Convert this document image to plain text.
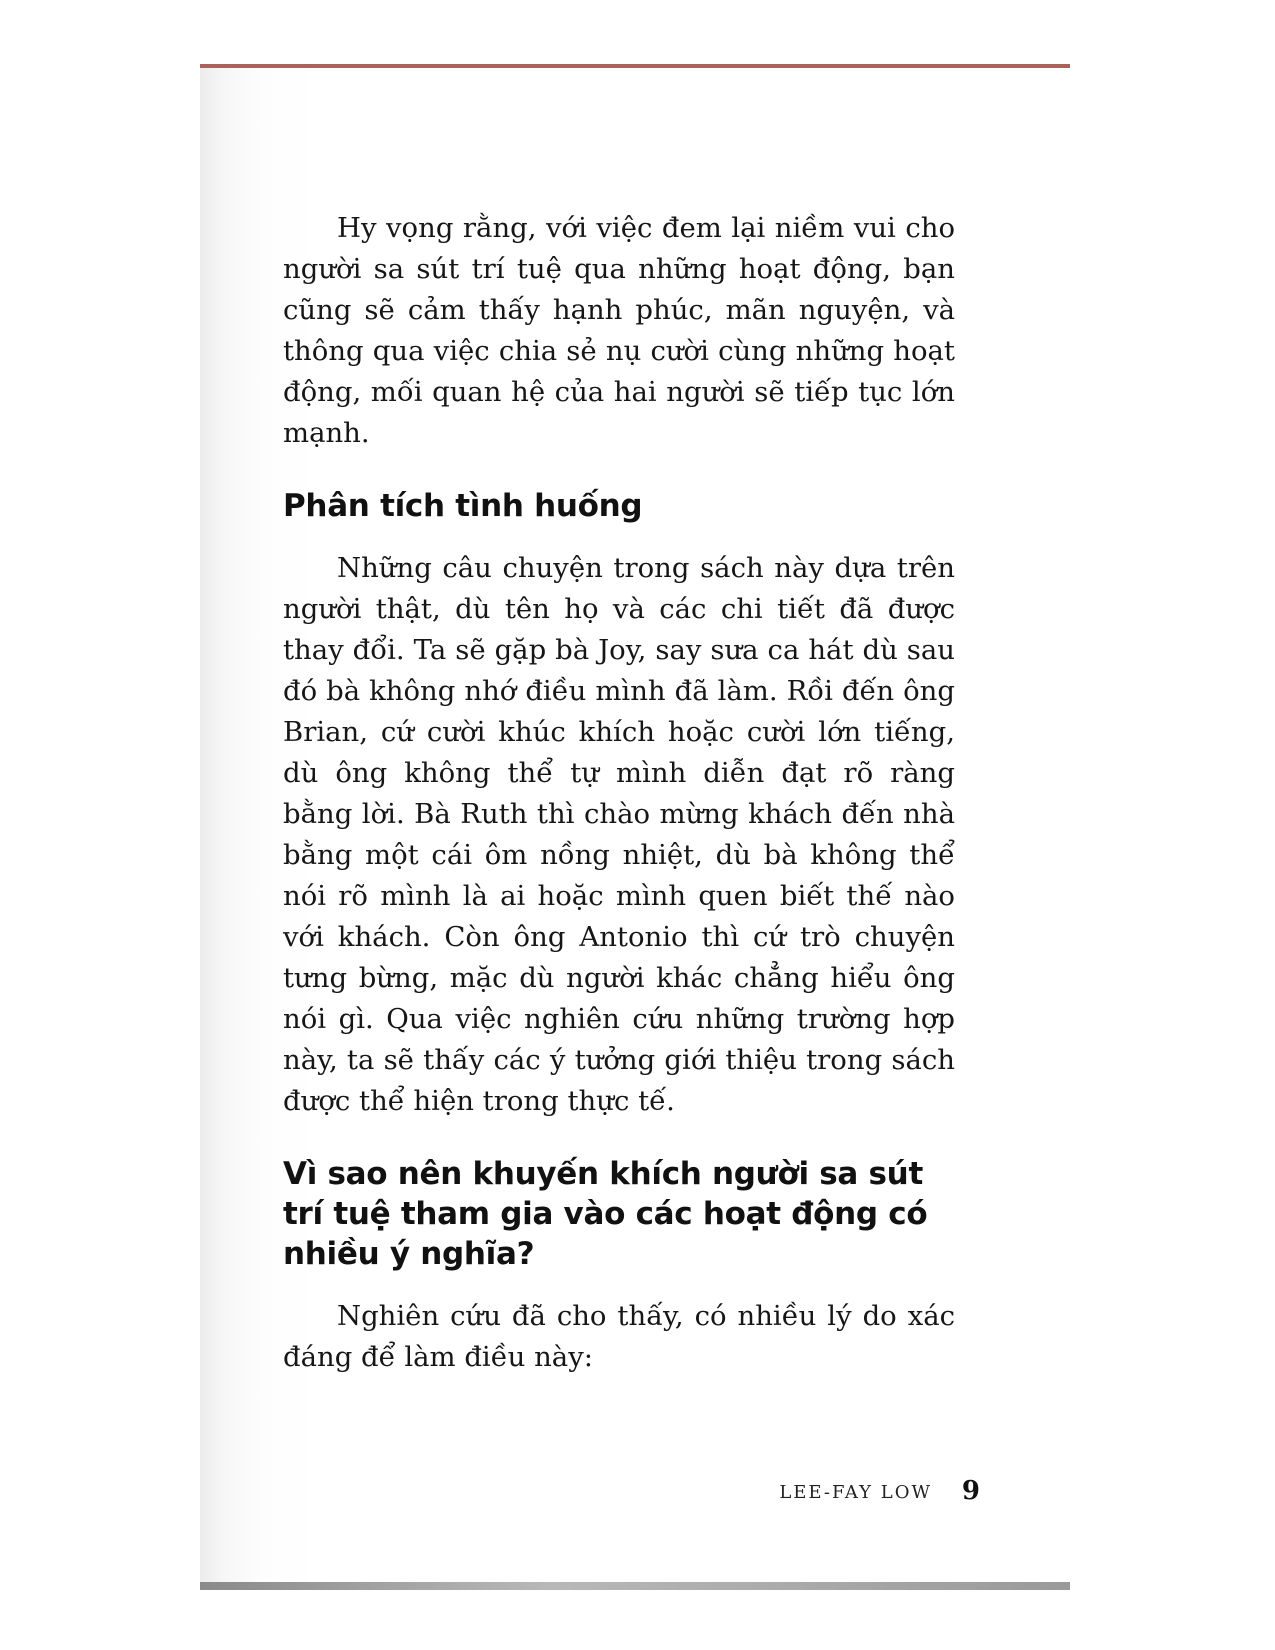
Hy vọng rằng, với việc đem lại niềm vui cho người sa sút trí tuệ qua những hoạt động, bạn cũng sẽ cảm thấy hạnh phúc, mãn nguyện, và thông qua việc chia sẻ nụ cười cùng những hoạt động, mối quan hệ của hai người sẽ tiếp tục lớn mạnh.

Phân tích tình huống

Những câu chuyện trong sách này dựa trên người thật, dù tên họ và các chi tiết đã được thay đổi. Ta sẽ gặp bà Joy, say sưa ca hát dù sau đó bà không nhớ điều mình đã làm. Rồi đến ông Brian, cứ cười khúc khích hoặc cười lớn tiếng, dù ông không thể tự mình diễn đạt rõ ràng bằng lời. Bà Ruth thì chào mừng khách đến nhà bằng một cái ôm nồng nhiệt, dù bà không thể nói rõ mình là ai hoặc mình quen biết thế nào với khách. Còn ông Antonio thì cứ trò chuyện tưng bừng, mặc dù người khác chẳng hiểu ông nói gì. Qua việc nghiên cứu những trường hợp này, ta sẽ thấy các ý tưởng giới thiệu trong sách được thể hiện trong thực tế.

Vì sao nên khuyến khích người sa sút trí tuệ tham gia vào các hoạt động có nhiều ý nghĩa?

Nghiên cứu đã cho thấy, có nhiều lý do xác đáng để làm điều này:

LEE-FAY LOW 9
